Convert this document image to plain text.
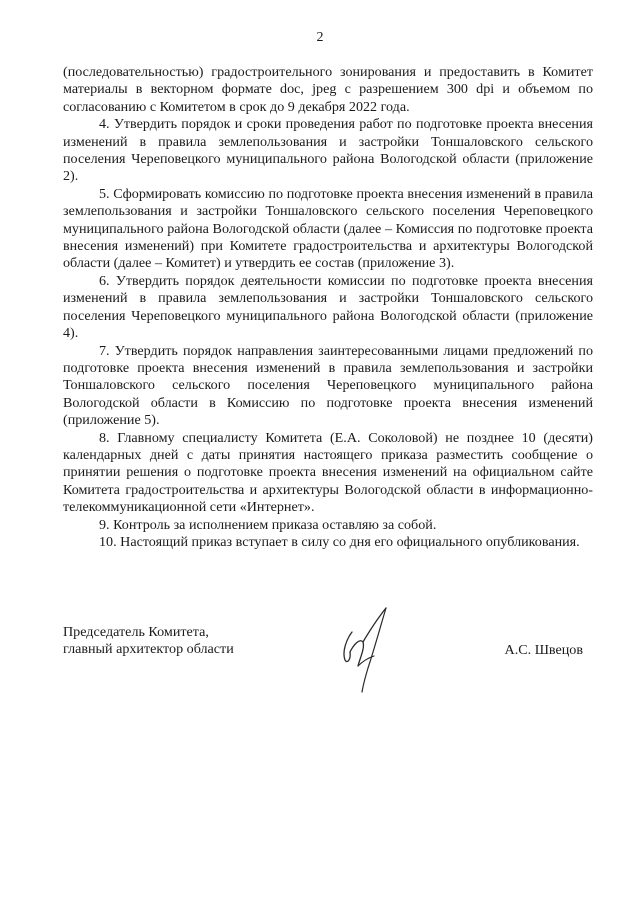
2

(последовательностью) градостроительного зонирования и предоставить в Комитет материалы в векторном формате doc, jpeg с разрешением 300 dpi и объемом по согласованию с Комитетом в срок до 9 декабря 2022 года.

4. Утвердить порядок и сроки проведения работ по подготовке проекта внесения изменений в правила землепользования и застройки Тоншаловского сельского поселения Череповецкого муниципального района Вологодской области (приложение 2).

5. Сформировать комиссию по подготовке проекта внесения изменений в правила землепользования и застройки Тоншаловского сельского поселения Череповецкого муниципального района Вологодской области (далее – Комиссия по подготовке проекта внесения изменений) при Комитете градостроительства и архитектуры Вологодской области (далее – Комитет) и утвердить ее состав (приложение 3).

6. Утвердить порядок деятельности комиссии по подготовке проекта внесения изменений в правила землепользования и застройки Тоншаловского сельского поселения Череповецкого муниципального района Вологодской области (приложение 4).

7. Утвердить порядок направления заинтересованными лицами предложений по подготовке проекта внесения изменений в правила землепользования и застройки Тоншаловского сельского поселения Череповецкого муниципального района Вологодской области в Комиссию по подготовке проекта внесения изменений (приложение 5).

8. Главному специалисту Комитета (Е.А. Соколовой) не позднее 10 (десяти) календарных дней с даты принятия настоящего приказа разместить сообщение о принятии решения о подготовке проекта внесения изменений на официальном сайте Комитета градостроительства и архитектуры Вологодской области в информационно-телекоммуникационной сети «Интернет».

9. Контроль за исполнением приказа оставляю за собой.

10. Настоящий приказ вступает в силу со дня его официального опубликования.

Председатель Комитета,
главный архитектор области	А.С. Швецов
